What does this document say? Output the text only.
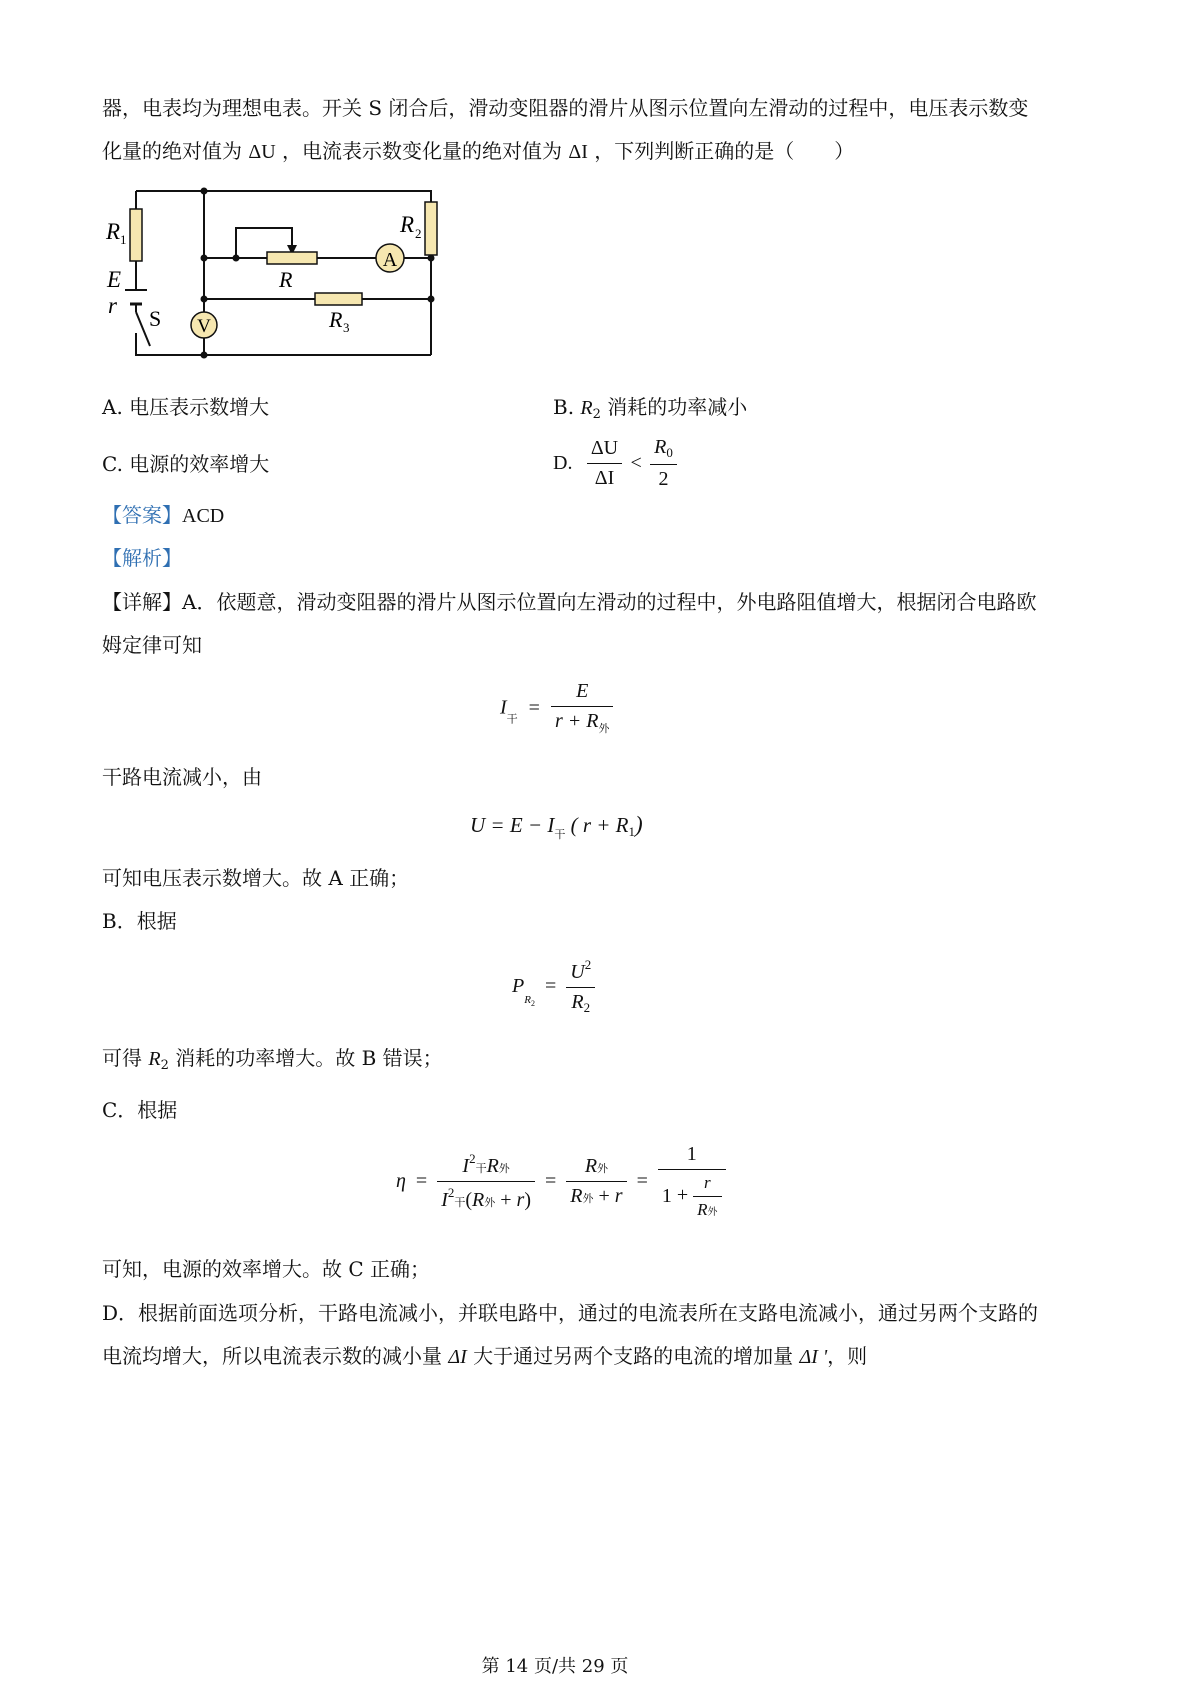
器，电表均为理想电表。开关 S 闭合后，滑动变阻器的滑片从图示位置向左滑动的过程中，电压表示数变
化量的绝对值为 ΔU ，电流表示数变化量的绝对值为 ΔI ，下列判断正确的是（　　）
A
V
R 1
R 2
R
R 3
E
r
S
A. 电压表示数增大	B. $R_2$ 消耗的功率减小
C. 电源的效率增大	D. $\frac{\Delta U}{\Delta I} < \frac{R_0}{2}$
【答案】ACD
【解析】
【详解】A．依题意，滑动变阻器的滑片从图示位置向左滑动的过程中，外电路阻值增大，根据闭合电路欧
姆定律可知
$I_干 = \frac{E}{r + R_外}$
干路电流减小，由
$U = E - I_干$ ( $r + R_1$)
可知电压表示数增大。故 A 正确；
B．根据
$P_{R2} = \frac{U^2}{R_2}$
可得 $R_2$ 消耗的功率增大。故 B 错误；
C．根据
$\eta = \frac{I^2干R外}{I^2干(R外 + r)} = \frac{\text{R外}}{\text{R外 + r}} = \frac{1}{1 + \frac{r}{\text{R外}}}$
可知，电源的效率增大。故 C 正确；
D．根据前面选项分析，干路电流减小，并联电路中，通过的电流表所在支路电流减小，通过另两个支路的
电流均增大，所以电流表示数的减小量 ΔI 大于通过另两个支路的电流的增加量 ΔI '，则
第 14 页/共 29 页
